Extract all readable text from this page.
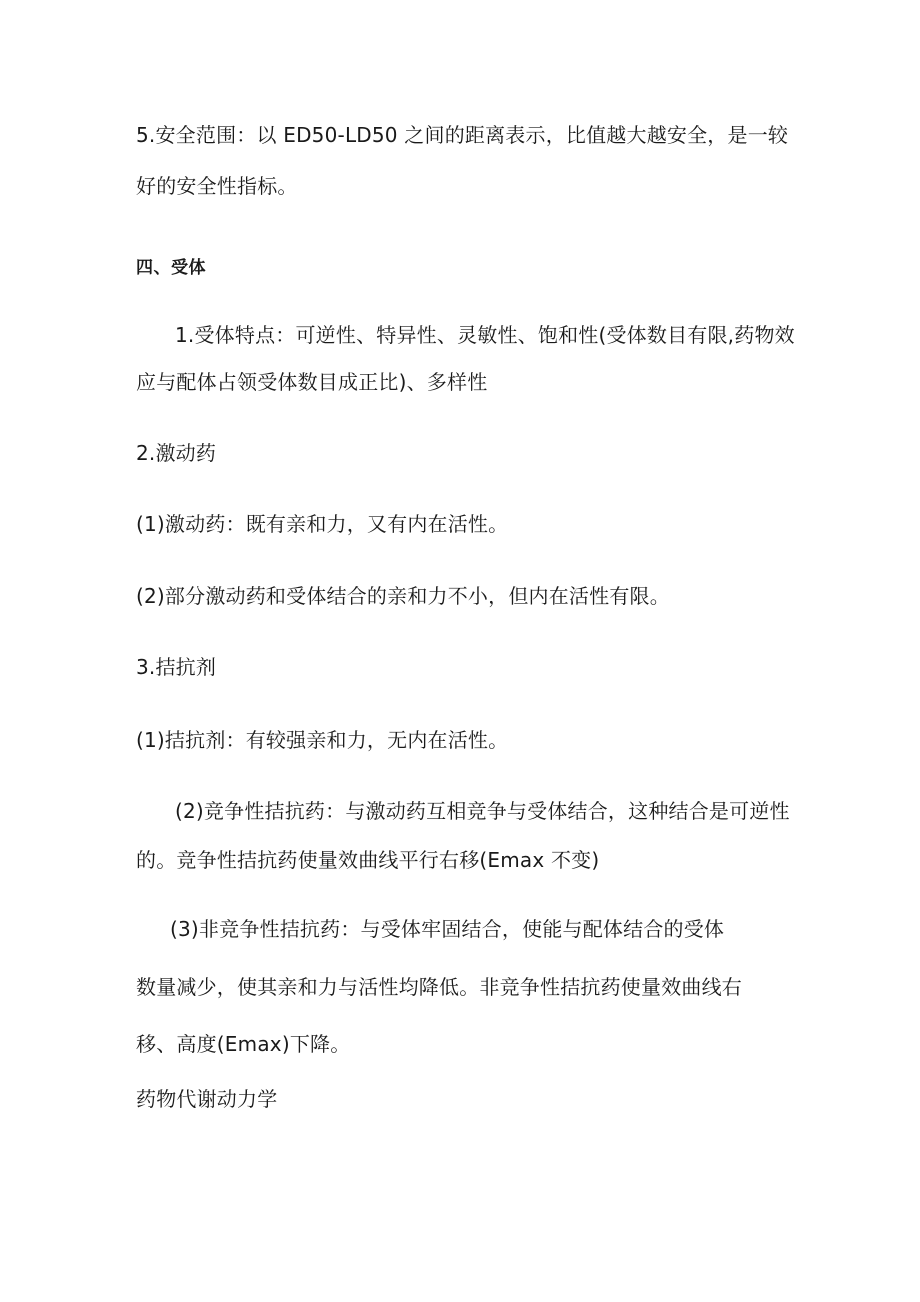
5.安全范围：以 ED50-LD50 之间的距离表示，比值越大越安全，是一较
好的安全性指标。
四、受体
1.受体特点：可逆性、特异性、灵敏性、饱和性(受体数目有限,药物效
应与配体占领受体数目成正比)、多样性
2.激动药
(1)激动药：既有亲和力，又有内在活性。
(2)部分激动药和受体结合的亲和力不小，但内在活性有限。
3.拮抗剂
(1)拮抗剂：有较强亲和力，无内在活性。
(2)竞争性拮抗药：与激动药互相竞争与受体结合，这种结合是可逆性
的。竞争性拮抗药使量效曲线平行右移(Emax 不变)
(3)非竞争性拮抗药：与受体牢固结合，使能与配体结合的受体
数量减少，使其亲和力与活性均降低。非竞争性拮抗药使量效曲线右
移、高度(Emax)下降。
药物代谢动力学
